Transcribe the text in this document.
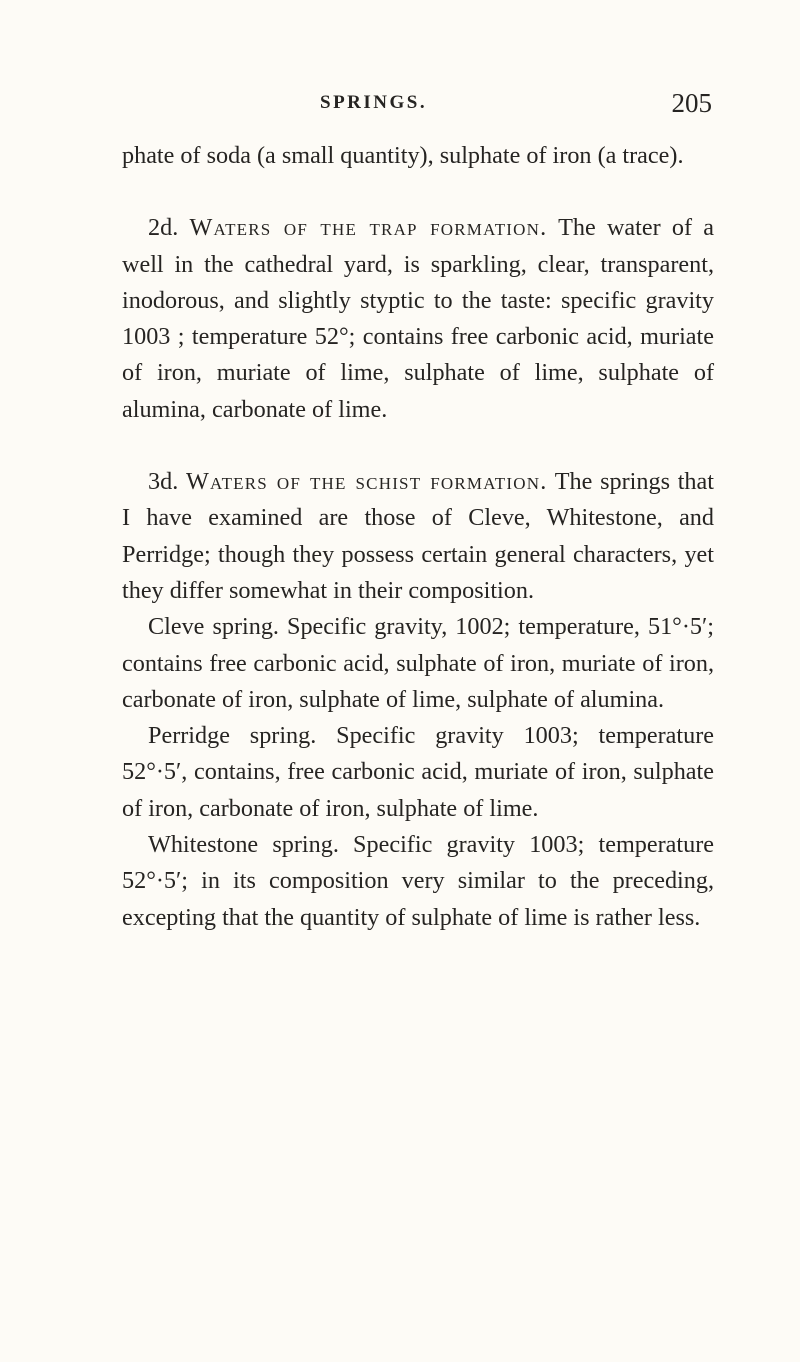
SPRINGS.	205

phate of soda (a small quantity), sulphate of iron (a trace).

2d. Waters of the trap formation. The water of a well in the cathedral yard, is sparkling, clear, transparent, inodorous, and slightly styptic to the taste: specific gravity 1003 ; temperature 52°; contains free carbonic acid, muriate of iron, muriate of lime, sulphate of lime, sulphate of alumina, carbonate of lime.

3d. Waters of the schist formation. The springs that I have examined are those of Cleve, Whitestone, and Perridge; though they possess certain general characters, yet they differ somewhat in their composition.

Cleve spring. Specific gravity, 1002; temperature, 51°·5′; contains free carbonic acid, sulphate of iron, muriate of iron, carbonate of iron, sulphate of lime, sulphate of alumina.

Perridge spring. Specific gravity 1003; temperature 52°·5′, contains, free carbonic acid, muriate of iron, sulphate of iron, carbonate of iron, sulphate of lime.

Whitestone spring. Specific gravity 1003; temperature 52°·5′; in its composition very similar to the preceding, excepting that the quantity of sulphate of lime is rather less.
